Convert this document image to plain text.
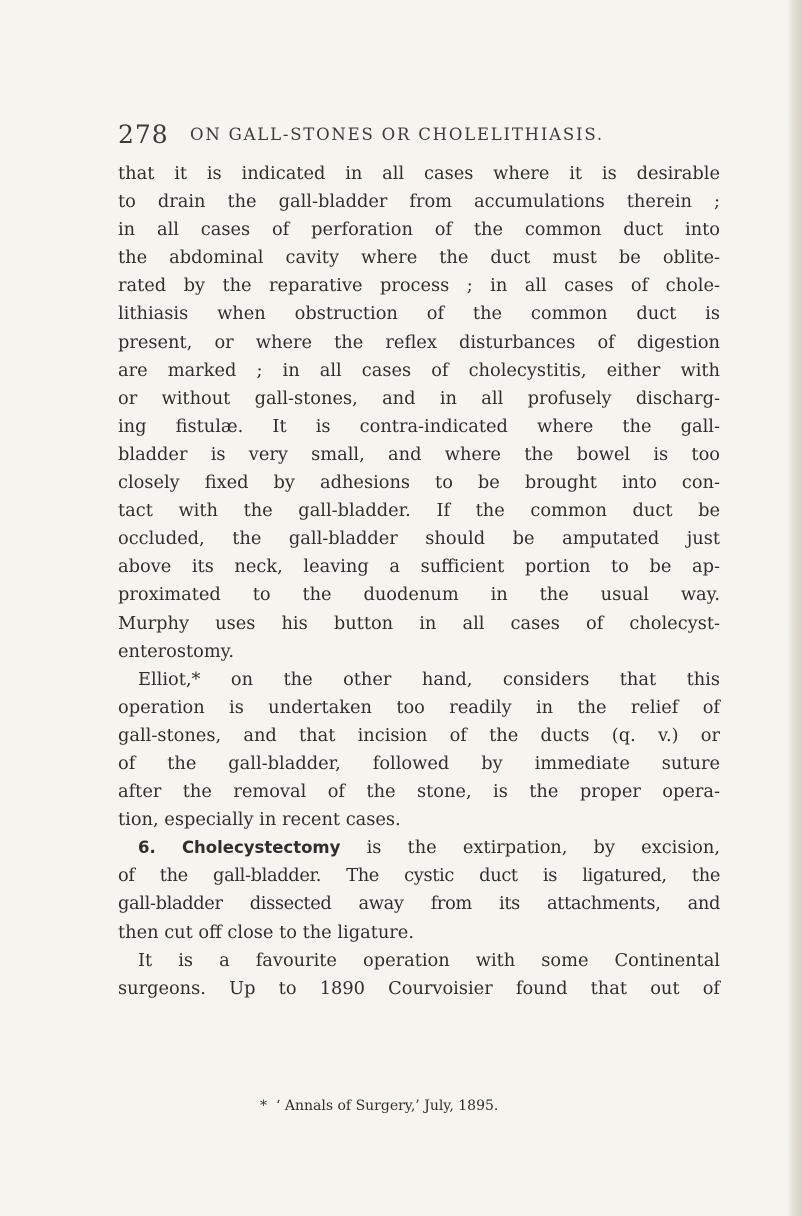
278 ON GALL-STONES OR CHOLELITHIASIS.
that it is indicated in all cases where it is desirable
to drain the gall-bladder from accumulations therein ;
in all cases of perforation of the common duct into
the abdominal cavity where the duct must be oblite-
rated by the reparative process ; in all cases of chole-
lithiasis when obstruction of the common duct is
present, or where the reflex disturbances of digestion
are marked ; in all cases of cholecystitis, either with
or without gall-stones, and in all profusely discharg-
ing fistulæ. It is contra-indicated where the gall-
bladder is very small, and where the bowel is too
closely fixed by adhesions to be brought into con-
tact with the gall-bladder. If the common duct be
occluded, the gall-bladder should be amputated just
above its neck, leaving a sufficient portion to be ap-
proximated to the duodenum in the usual way.
Murphy uses his button in all cases of cholecyst-
enterostomy.
Elliot,* on the other hand, considers that this
operation is undertaken too readily in the relief of
gall-stones, and that incision of the ducts (q. v.) or
of the gall-bladder, followed by immediate suture
after the removal of the stone, is the proper opera-
tion, especially in recent cases.
6. Cholecystectomy is the extirpation, by excision,
of the gall-bladder. The cystic duct is ligatured, the
gall-bladder dissected away from its attachments, and
then cut off close to the ligature.
It is a favourite operation with some Continental
surgeons. Up to 1890 Courvoisier found that out of
* ‘ Annals of Surgery,’ July, 1895.
